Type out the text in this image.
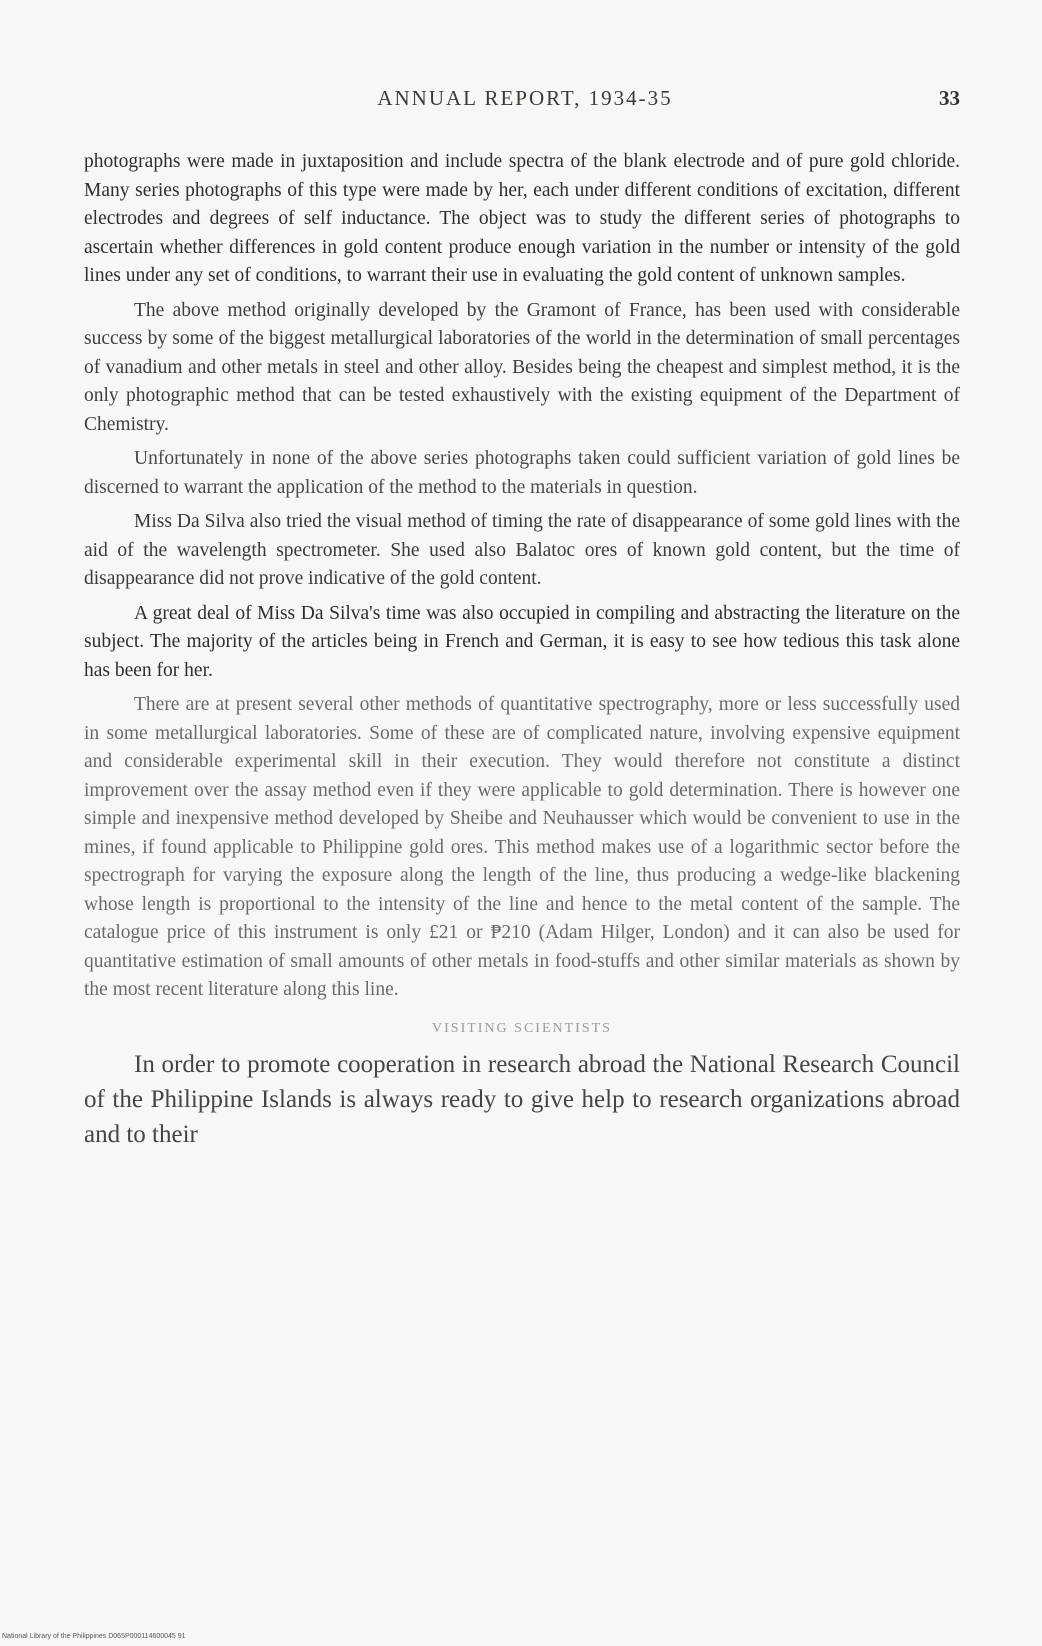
ANNUAL REPORT, 1934-35	33

photographs were made in juxtaposition and include spectra of the blank electrode and of pure gold chloride. Many series photographs of this type were made by her, each under different conditions of excitation, different electrodes and degrees of self inductance. The object was to study the different series of photographs to ascertain whether differences in gold content produce enough variation in the number or intensity of the gold lines under any set of conditions, to warrant their use in evaluating the gold content of unknown samples.

The above method originally developed by the Gramont of France, has been used with considerable success by some of the biggest metallurgical laboratories of the world in the determination of small percentages of vanadium and other metals in steel and other alloy. Besides being the cheapest and simplest method, it is the only photographic method that can be tested exhaustively with the existing equipment of the Department of Chemistry.

Unfortunately in none of the above series photographs taken could sufficient variation of gold lines be discerned to warrant the application of the method to the materials in question.

Miss Da Silva also tried the visual method of timing the rate of disappearance of some gold lines with the aid of the wavelength spectrometer. She used also Balatoc ores of known gold content, but the time of disappearance did not prove indicative of the gold content.

A great deal of Miss Da Silva's time was also occupied in compiling and abstracting the literature on the subject. The majority of the articles being in French and German, it is easy to see how tedious this task alone has been for her.

There are at present several other methods of quantitative spectrography, more or less successfully used in some metallurgical laboratories. Some of these are of complicated nature, involving expensive equipment and considerable experimental skill in their execution. They would therefore not constitute a distinct improvement over the assay method even if they were applicable to gold determination. There is however one simple and inexpensive method developed by Sheibe and Neuhausser which would be convenient to use in the mines, if found applicable to Philippine gold ores. This method makes use of a logarithmic sector before the spectrograph for varying the exposure along the length of the line, thus producing a wedge-like blackening whose length is proportional to the intensity of the line and hence to the metal content of the sample. The catalogue price of this instrument is only £21 or ₱210 (Adam Hilger, London) and it can also be used for quantitative estimation of small amounts of other metals in food-stuffs and other similar materials as shown by the most recent literature along this line.

VISITING SCIENTISTS

In order to promote cooperation in research abroad the National Research Council of the Philippine Islands is always ready to give help to research organizations abroad and to their

National Library of the Philippines D065P000114600045 91
